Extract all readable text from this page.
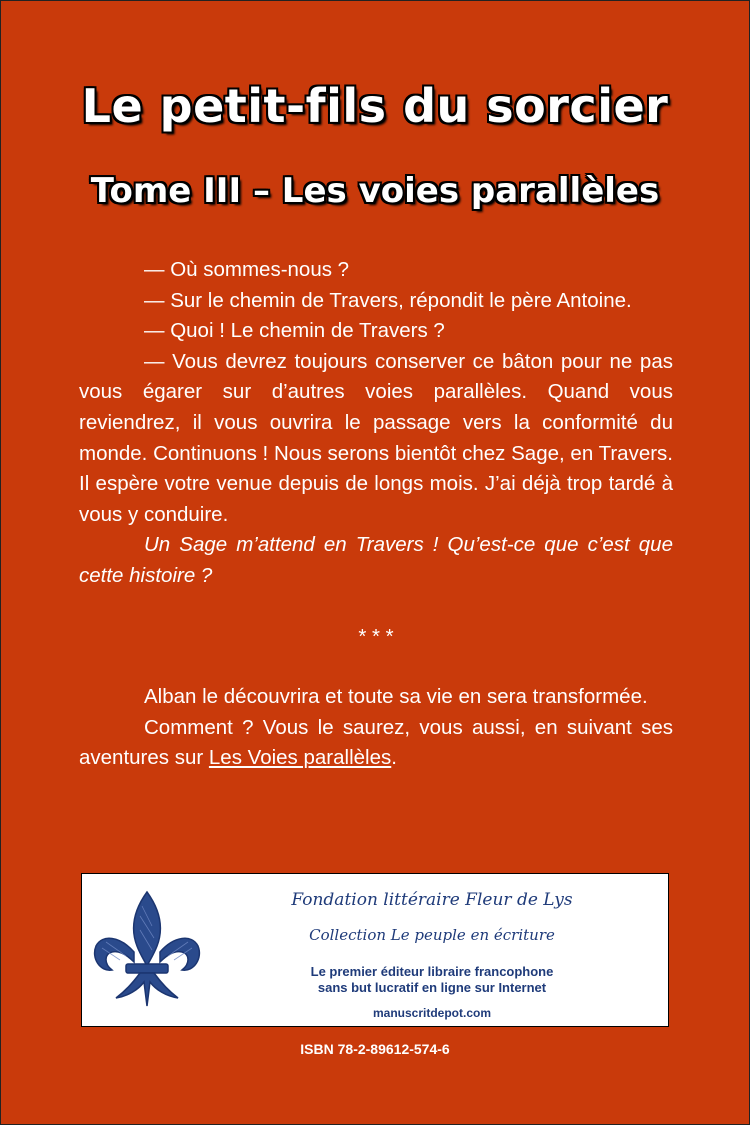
Le petit-fils du sorcier
Tome III – Les voies parallèles

— Où sommes-nous ?

— Sur le chemin de Travers, répondit le père Antoine.

— Quoi ! Le chemin de Travers ?

— Vous devrez toujours conserver ce bâton pour ne pas vous égarer sur d’autres voies parallèles. Quand vous reviendrez, il vous ouvrira le passage vers la conformité du monde. Continuons ! Nous serons bientôt chez Sage, en Travers. Il espère votre venue depuis de longs mois. J’ai déjà trop tardé à vous y conduire.

Un Sage m’attend en Travers ! Qu’est-ce que c’est que cette histoire ?

* * *

Alban le découvrira et toute sa vie en sera transformée.

Comment ? Vous le saurez, vous aussi, en suivant ses aventures sur Les Voies parallèles.

Fondation littéraire Fleur de Lys
Collection Le peuple en écriture
Le premier éditeur libraire francophone
sans but lucratif en ligne sur Internet
manuscritdepot.com
ISBN 78-2-89612-574-6
